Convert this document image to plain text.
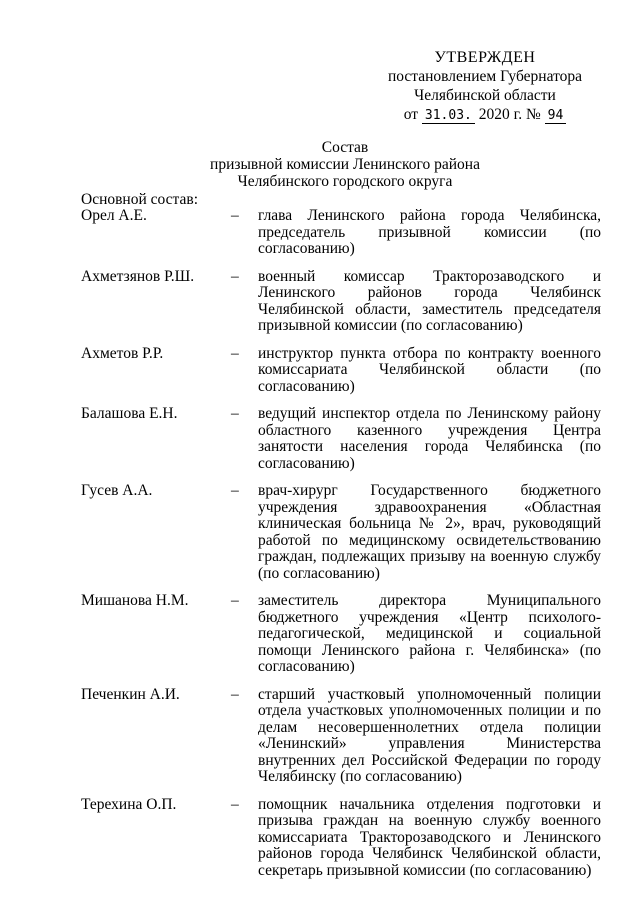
УТВЕРЖДЕН
постановлением Губернатора
Челябинской области
от 31.03. 2020 г. № 94
Состав
призывной комиссии Ленинского района
Челябинского городского округа
Основной состав:
Орел А.Е.	–	глава Ленинского района города Челябинска, председатель призывной комиссии (по согласованию)
Ахметзянов Р.Ш.	–	военный комиссар Тракторозаводского и Ленинского районов города Челябинск Челябинской области, заместитель председателя призывной комиссии (по согласованию)
Ахметов Р.Р.	–	инструктор пункта отбора по контракту военного комиссариата Челябинской области (по согласованию)
Балашова Е.Н.	–	ведущий инспектор отдела по Ленинскому району областного казенного учреждения Центра занятости населения города Челябинска (по согласованию)
Гусев А.А.	–	врач-хирург Государственного бюджетного учреждения здравоохранения «Областная клиническая больница № 2», врач, руководящий работой по медицинскому освидетельствованию граждан, подлежащих призыву на военную службу (по согласованию)
Мишанова Н.М.	–	заместитель директора Муниципального бюджетного учреждения «Центр психолого-педагогической, медицинской и социальной помощи Ленинского района г. Челябинска» (по согласованию)
Печенкин А.И.	–	старший участковый уполномоченный полиции отдела участковых уполномоченных полиции и по делам несовершеннолетних отдела полиции «Ленинский» управления Министерства внутренних дел Российской Федерации по городу Челябинску (по согласованию)
Терехина О.П.	–	помощник начальника отделения подготовки и призыва граждан на военную службу военного комиссариата Тракторозаводского и Ленинского районов города Челябинск Челябинской области, секретарь призывной комиссии (по согласованию)
